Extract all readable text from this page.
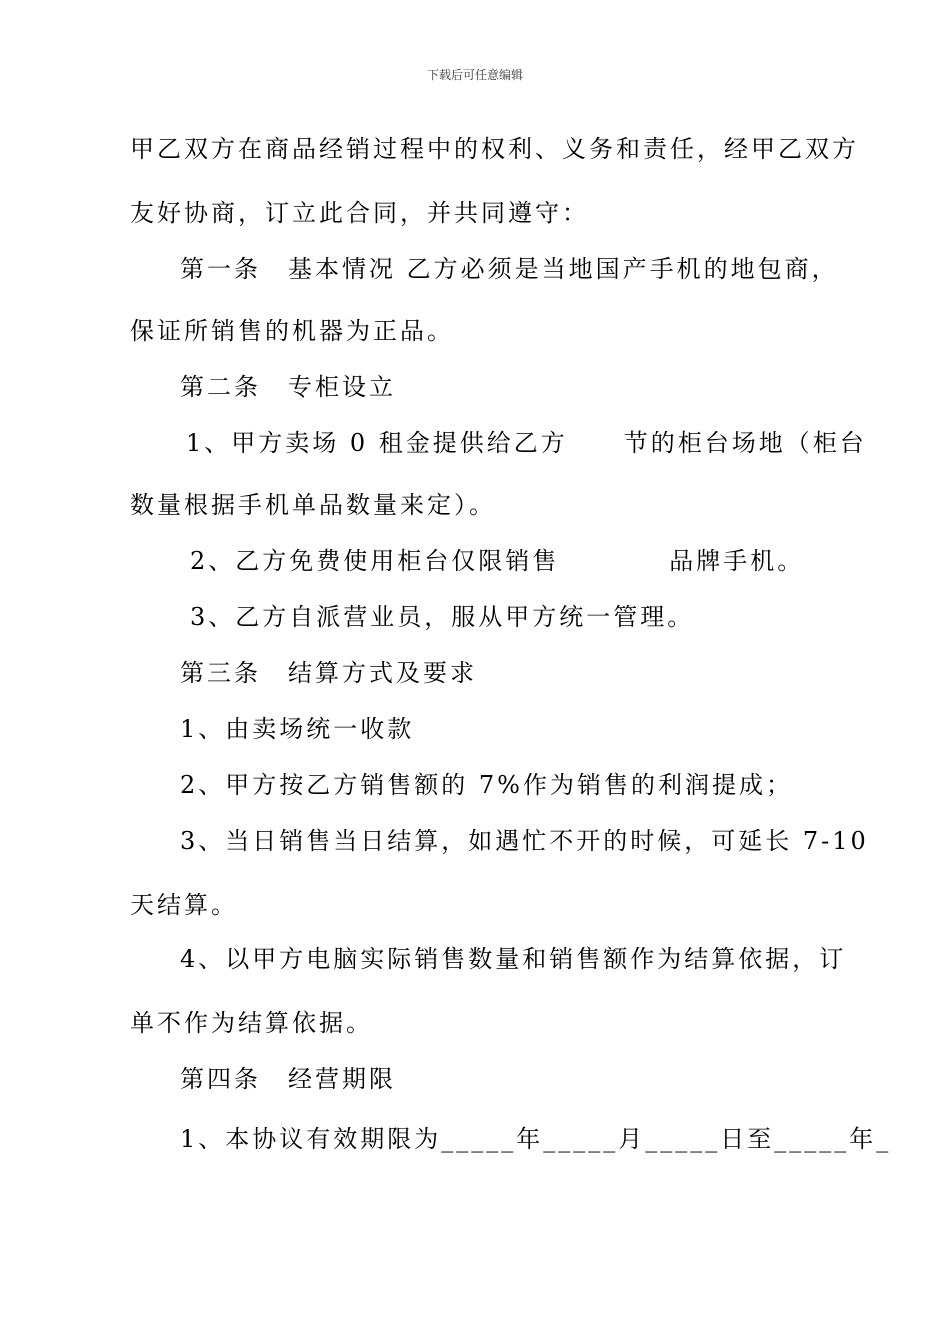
下载后可任意编辑
甲乙双方在商品经销过程中的权利、义务和责任，经甲乙双方
友好协商，订立此合同，并共同遵守：
第一条　基本情况 乙方必须是当地国产手机的地包商，
保证所销售的机器为正品。
第二条　专柜设立
1、甲方卖场 0 租金提供给乙方 节的柜台场地（柜台
数量根据手机单品数量来定）。
2、乙方免费使用柜台仅限销售	品牌手机。
3、乙方自派营业员，服从甲方统一管理。
第三条　结算方式及要求
1、由卖场统一收款
2、甲方按乙方销售额的 7%作为销售的利润提成；
3、当日销售当日结算，如遇忙不开的时候，可延长 7-10
天结算。
4、以甲方电脑实际销售数量和销售额作为结算依据，订
单不作为结算依据。
第四条　经营期限
1、本协议有效期限为_____年_____月_____日至_____年_
